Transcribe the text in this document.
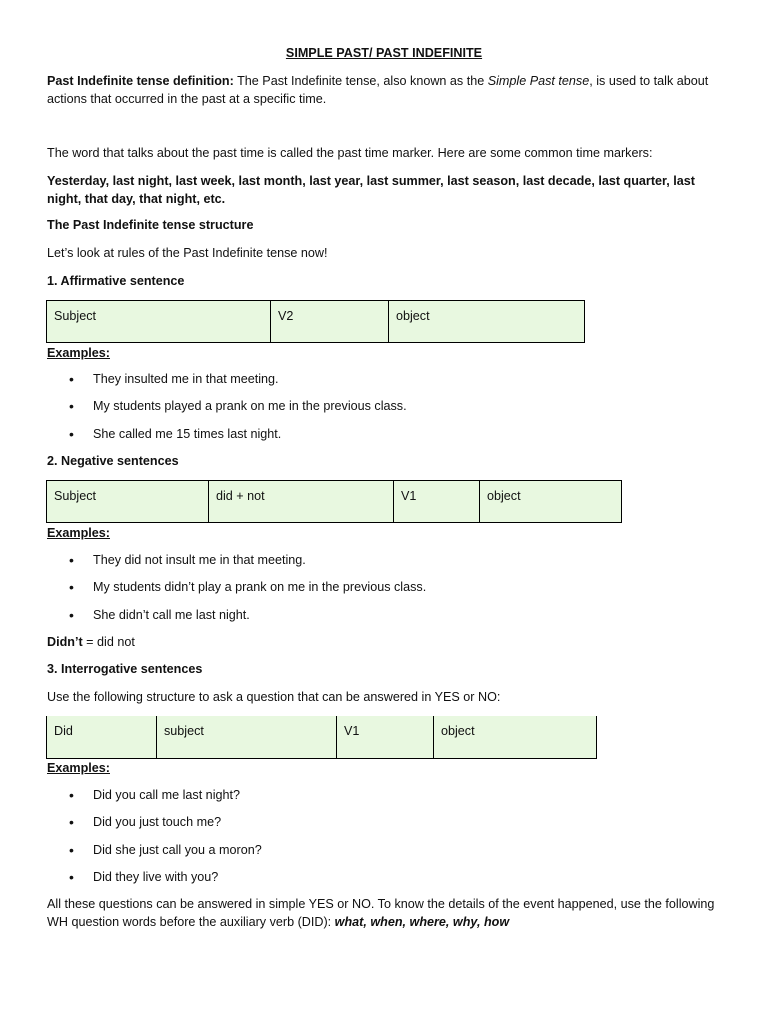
SIMPLE PAST/ PAST INDEFINITE

Past Indefinite tense definition: The Past Indefinite tense, also known as the Simple Past tense, is used to talk about actions that occurred in the past at a specific time.

The word that talks about the past time is called the past time marker. Here are some common time markers:

Yesterday, last night, last week, last month, last year, last summer, last season, last decade, last quarter, last night, that day, that night, etc.

The Past Indefinite tense structure

Let’s look at rules of the Past Indefinite tense now!

1. Affirmative sentence

Subject	V2	object

Examples:

• They insulted me in that meeting.
• My students played a prank on me in the previous class.
• She called me 15 times last night.

2. Negative sentences

Subject	did + not	V1	object

Examples:

• They did not insult me in that meeting.
• My students didn’t play a prank on me in the previous class.
• She didn’t call me last night.

Didn’t = did not

3. Interrogative sentences

Use the following structure to ask a question that can be answered in YES or NO:

Did	subject	V1	object

Examples:

• Did you call me last night?
• Did you just touch me?
• Did she just call you a moron?
• Did they live with you?

All these questions can be answered in simple YES or NO. To know the details of the event happened, use the following WH question words before the auxiliary verb (DID): what, when, where, why, how
